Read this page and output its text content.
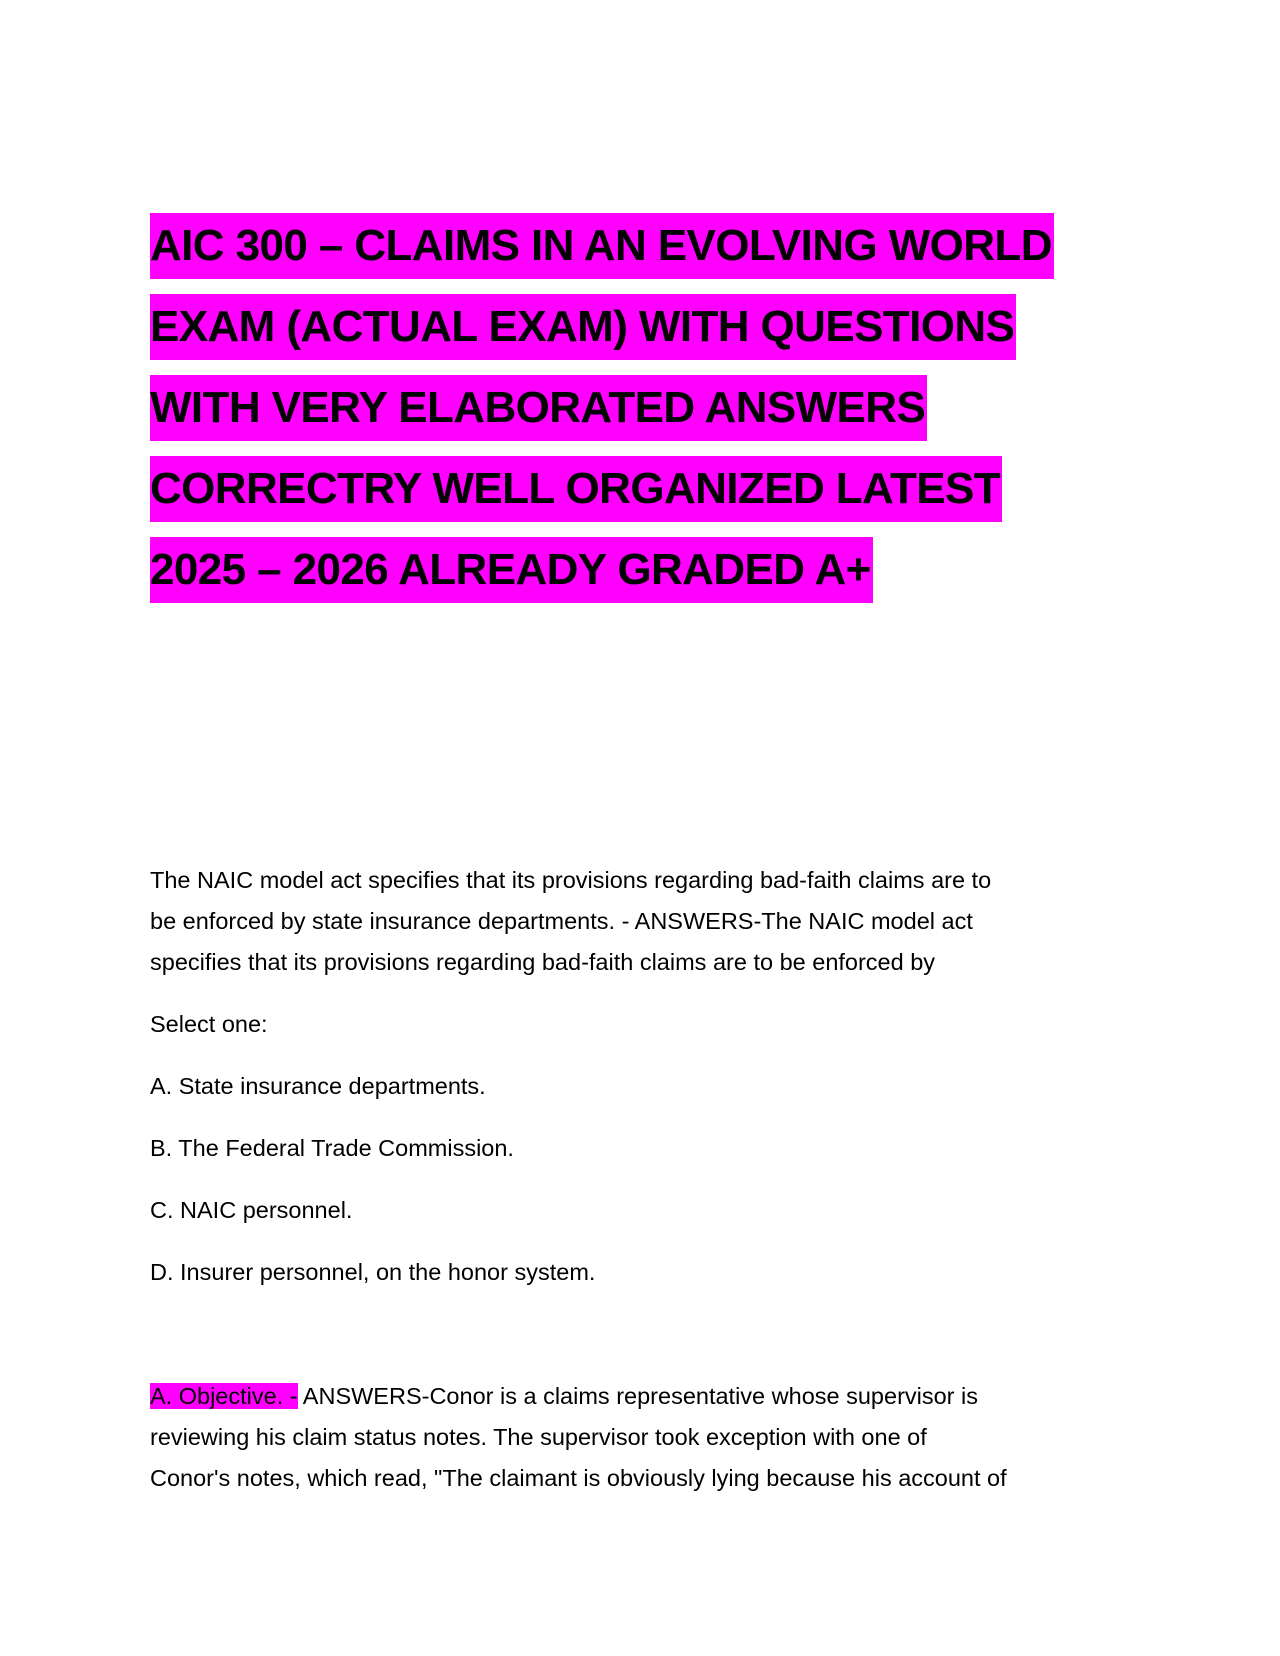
AIC 300 – CLAIMS IN AN EVOLVING WORLD
EXAM (ACTUAL EXAM) WITH QUESTIONS
WITH VERY ELABORATED ANSWERS
CORRECTRY WELL ORGANIZED LATEST
2025 – 2026 ALREADY GRADED A+

The NAIC model act specifies that its provisions regarding bad-faith claims are to
be enforced by state insurance departments. - ANSWERS-The NAIC model act
specifies that its provisions regarding bad-faith claims are to be enforced by

Select one:

A. State insurance departments.

B. The Federal Trade Commission.

C. NAIC personnel.

D. Insurer personnel, on the honor system.

A. Objective. - ANSWERS-Conor is a claims representative whose supervisor is
reviewing his claim status notes. The supervisor took exception with one of
Conor's notes, which read, "The claimant is obviously lying because his account of
